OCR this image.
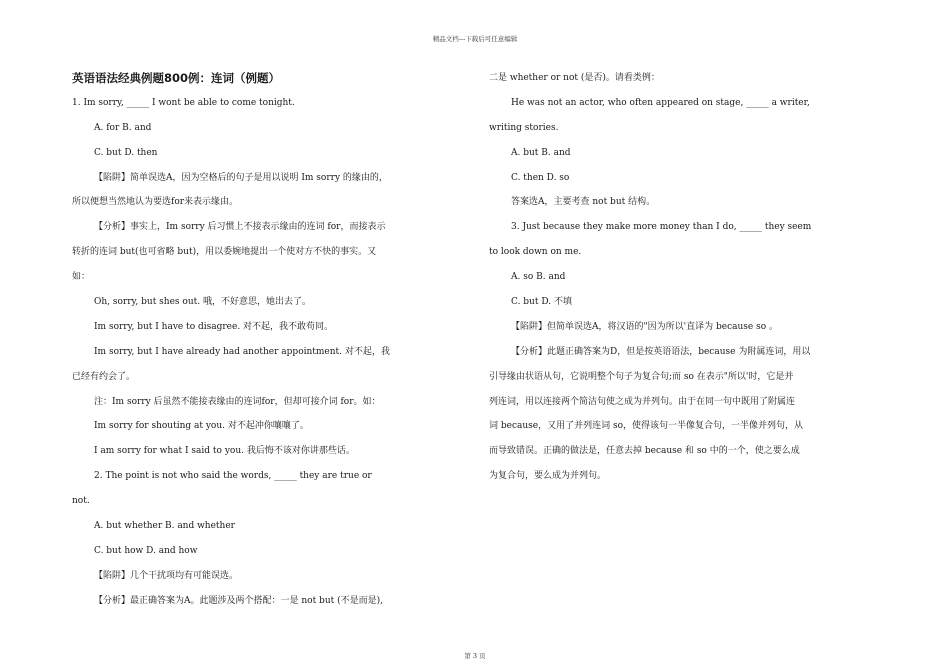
精品文档---下载后可任意编辑
英语语法经典例题800例：连词（例题）
1. Im sorry, _____ I wont be able to come tonight.
A. for B. and
C. but D. then
【陷阱】简单误选A，因为空格后的句子是用以说明 Im sorry 的缘由的，
所以便想当然地认为要选for来表示缘由。
【分析】事实上，Im sorry 后习惯上不接表示缘由的连词 for，而接表示
转折的连词 but(也可省略 but)，用以委婉地提出一个使对方不快的事实。又
如：
Oh, sorry, but shes out. 哦，不好意思，她出去了。
Im sorry, but I have to disagree. 对不起，我不敢苟同。
Im sorry, but I have already had another appointment. 对不起，我
已经有约会了。
注：Im sorry 后虽然不能接表缘由的连词for，但却可接介词 for。如：
Im sorry for shouting at you. 对不起冲你嚷嚷了。
I am sorry for what I said to you. 我后悔不该对你讲那些话。
2. The point is not who said the words, _____ they are true or
not.
A. but whether B. and whether
C. but how D. and how
【陷阱】几个干扰项均有可能误选。
【分析】最正确答案为A。此题涉及两个搭配：一是 not but (不是而是),
二是 whether or not (是否)。请看类例：
He was not an actor, who often appeared on stage, _____ a writer,
writing stories.
A. but B. and
C. then D. so
答案选A，主要考查 not but 结构。
3. Just because they make more money than I do, _____ they seem
to look down on me.
A. so B. and
C. but D. 不填
【陷阱】但简单误选A，将汉语的"因为所以'直译为 because so 。
【分析】此题正确答案为D，但是按英语语法，because 为附属连词，用以
引导缘由状语从句，它说明整个句子为复合句;而 so 在表示"所以'时，它是并
列连词，用以连接两个简洁句使之成为并列句。由于在同一句中既用了附属连
词 because，又用了并列连词 so，使得该句一半像复合句，一半像并列句，从
而导致错误。正确的做法是，任意去掉 because 和 so 中的一个，使之要么成
为复合句，要么成为并列句。
第 3 页
